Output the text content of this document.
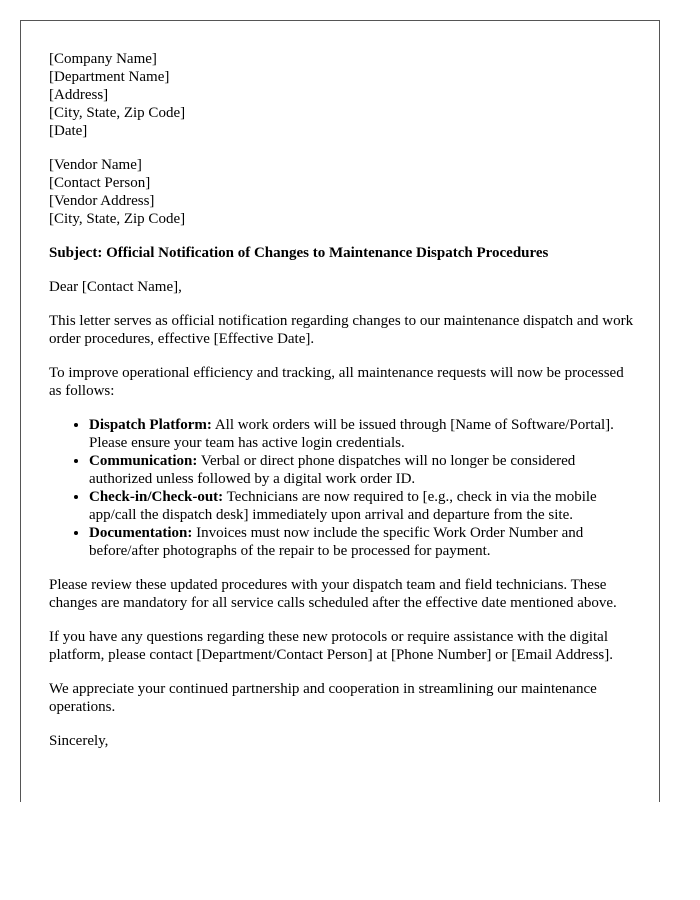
[Company Name]

[Department Name]

[Address]

[City, State, Zip Code]

[Date]

[Vendor Name]

[Contact Person]

[Vendor Address]

[City, State, Zip Code]

Subject: Official Notification of Changes to Maintenance Dispatch Procedures

Dear [Contact Name],

This letter serves as official notification regarding changes to our maintenance dispatch and work order procedures, effective [Effective Date].

To improve operational efficiency and tracking, all maintenance requests will now be processed as follows:

• Dispatch Platform: All work orders will be issued through [Name of Software/Portal]. Please ensure your team has active login credentials.
• Communication: Verbal or direct phone dispatches will no longer be considered authorized unless followed by a digital work order ID.
• Check-in/Check-out: Technicians are now required to [e.g., check in via the mobile app/call the dispatch desk] immediately upon arrival and departure from the site.
• Documentation: Invoices must now include the specific Work Order Number and before/after photographs of the repair to be processed for payment.

Please review these updated procedures with your dispatch team and field technicians. These changes are mandatory for all service calls scheduled after the effective date mentioned above.

If you have any questions regarding these new protocols or require assistance with the digital platform, please contact [Department/Contact Person] at [Phone Number] or [Email Address].

We appreciate your continued partnership and cooperation in streamlining our maintenance operations.

Sincerely,
